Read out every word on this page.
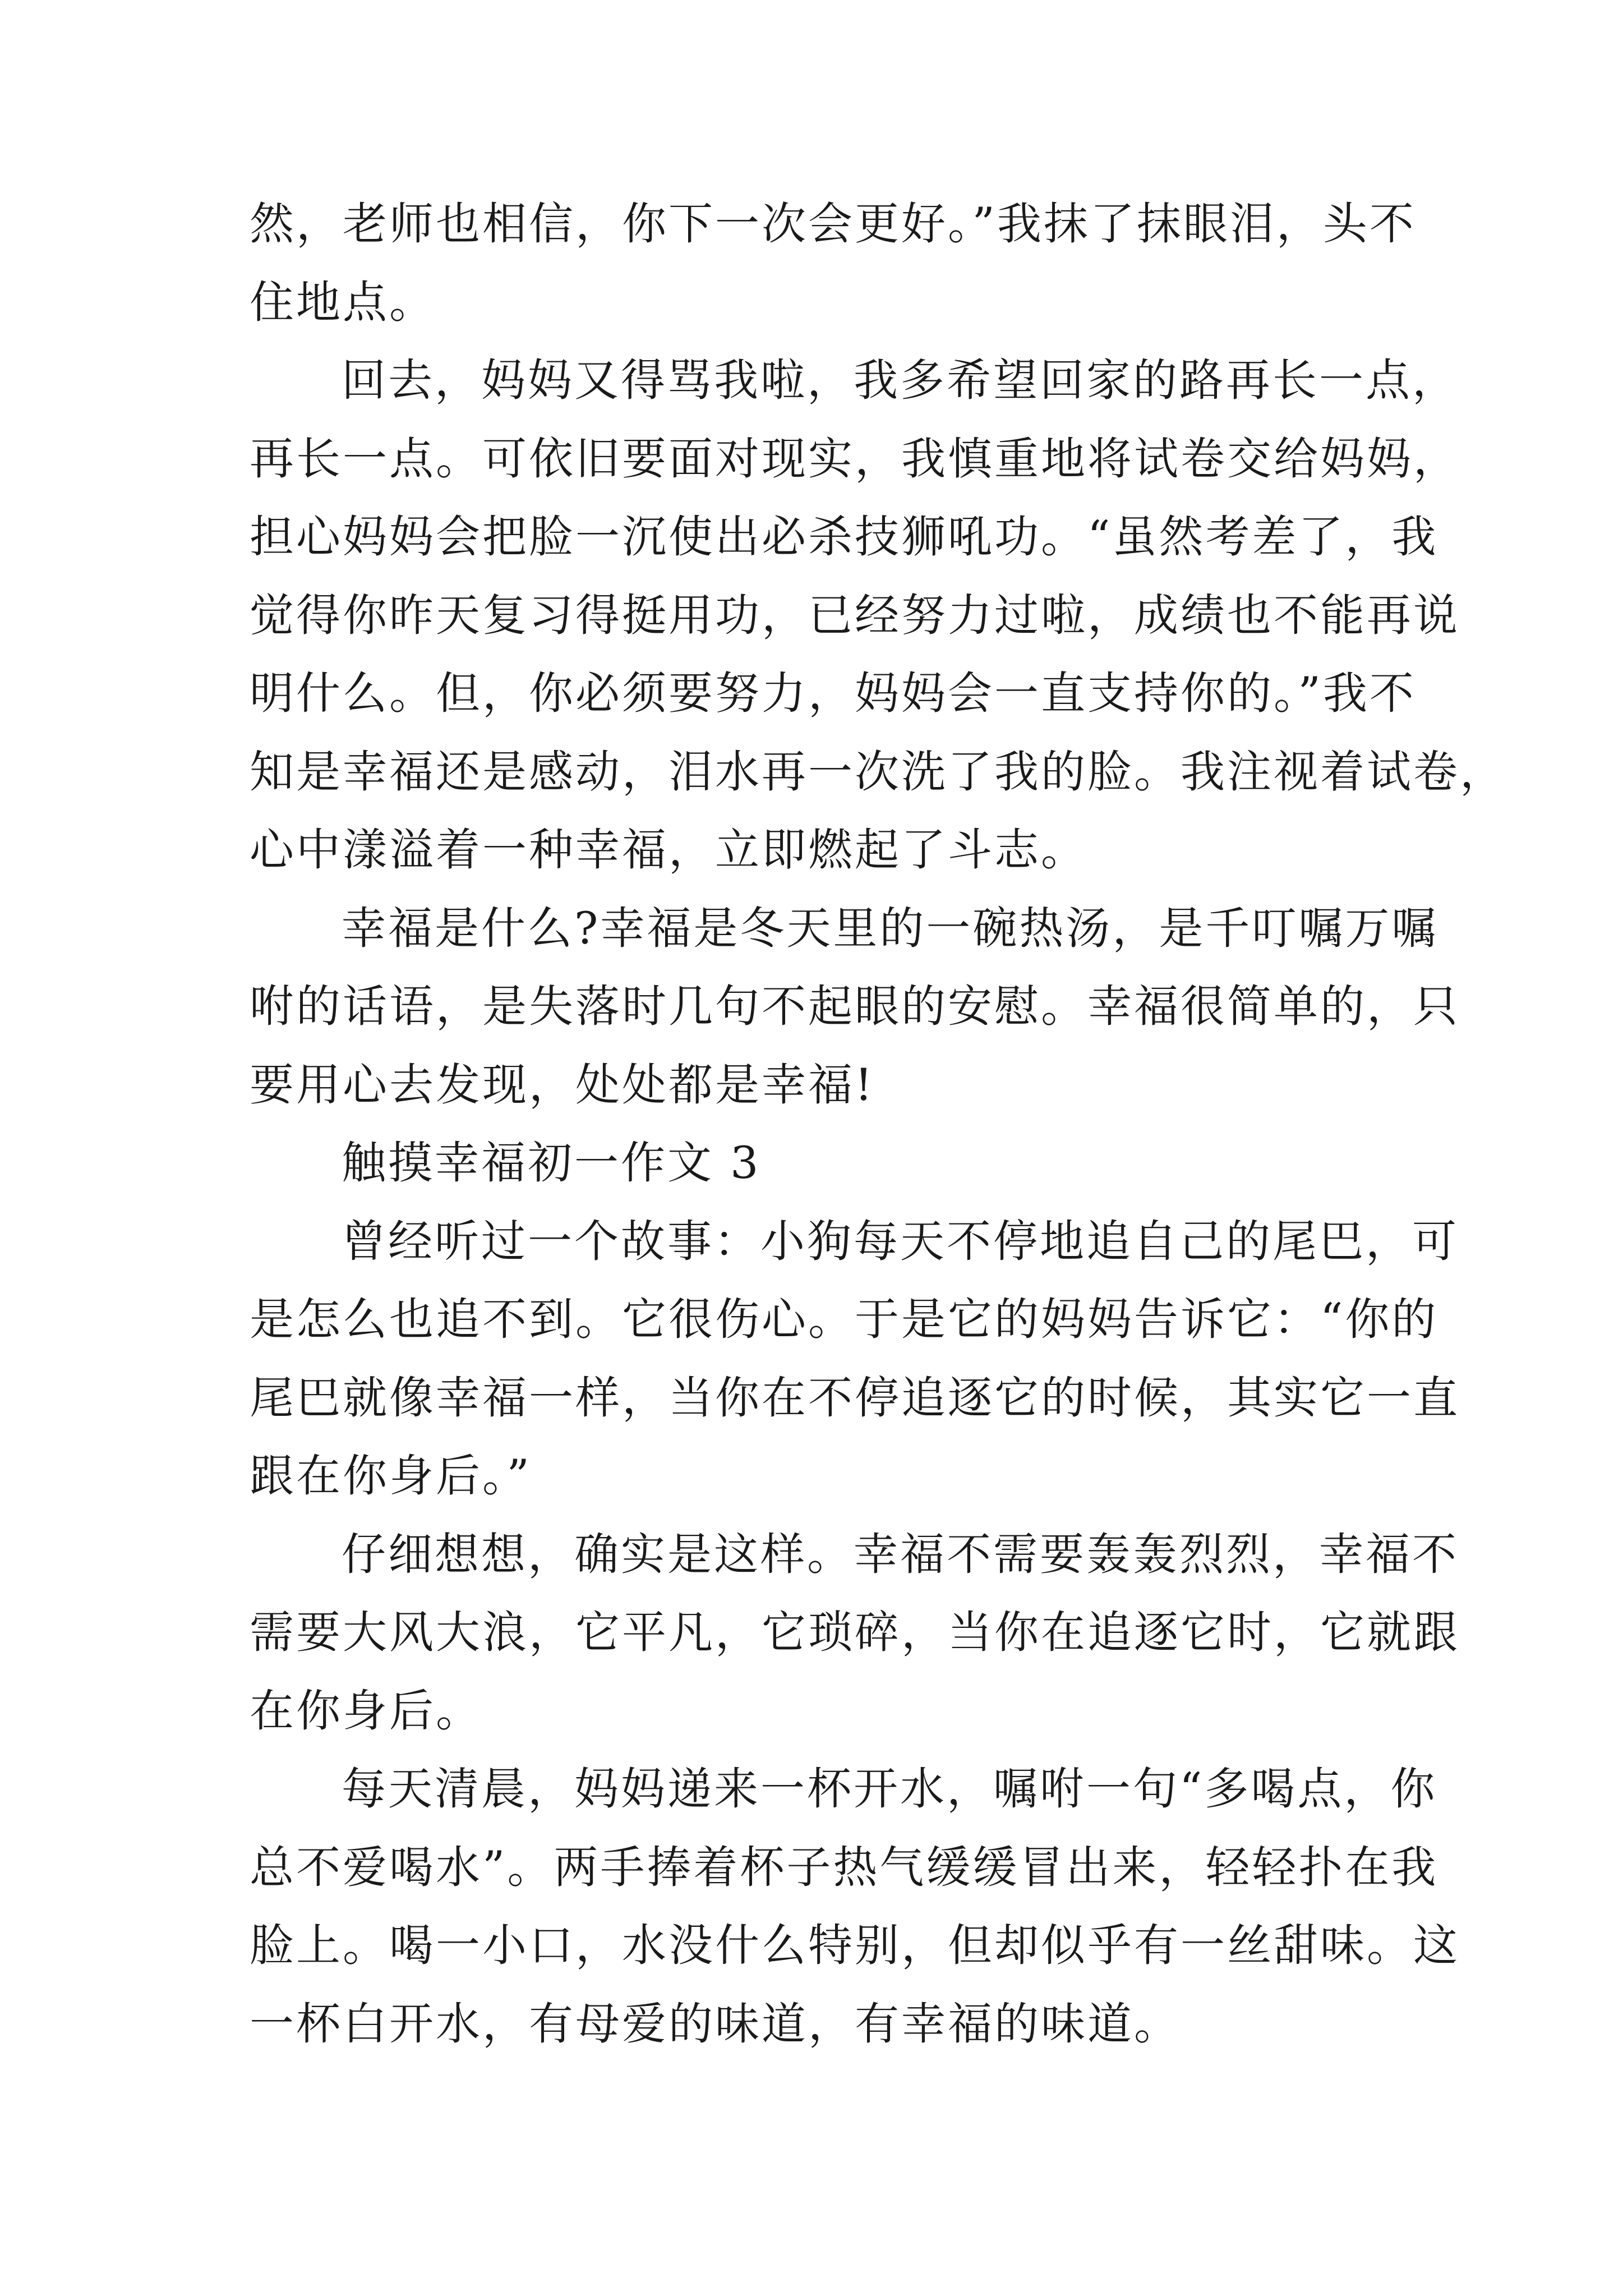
然，老师也相信，你下一次会更好。”我抹了抹眼泪，头不
住地点。
回去，妈妈又得骂我啦，我多希望回家的路再长一点，
再长一点。可依旧要面对现实，我慎重地将试卷交给妈妈，
担心妈妈会把脸一沉使出必杀技狮吼功。“虽然考差了，我
觉得你昨天复习得挺用功，已经努力过啦，成绩也不能再说
明什么。但，你必须要努力，妈妈会一直支持你的。”我不
知是幸福还是感动，泪水再一次洗了我的脸。我注视着试卷，
心中漾溢着一种幸福，立即燃起了斗志。
幸福是什么?幸福是冬天里的一碗热汤，是千叮嘱万嘱
咐的话语，是失落时几句不起眼的安慰。幸福很简单的，只
要用心去发现，处处都是幸福!
触摸幸福初一作文 3
曾经听过一个故事：小狗每天不停地追自己的尾巴，可
是怎么也追不到。它很伤心。于是它的妈妈告诉它：“你的
尾巴就像幸福一样，当你在不停追逐它的时候，其实它一直
跟在你身后。”
仔细想想，确实是这样。幸福不需要轰轰烈烈，幸福不
需要大风大浪，它平凡，它琐碎，当你在追逐它时，它就跟
在你身后。
每天清晨，妈妈递来一杯开水，嘱咐一句“多喝点，你
总不爱喝水”。两手捧着杯子热气缓缓冒出来，轻轻扑在我
脸上。喝一小口，水没什么特别，但却似乎有一丝甜味。这
一杯白开水，有母爱的味道，有幸福的味道。
